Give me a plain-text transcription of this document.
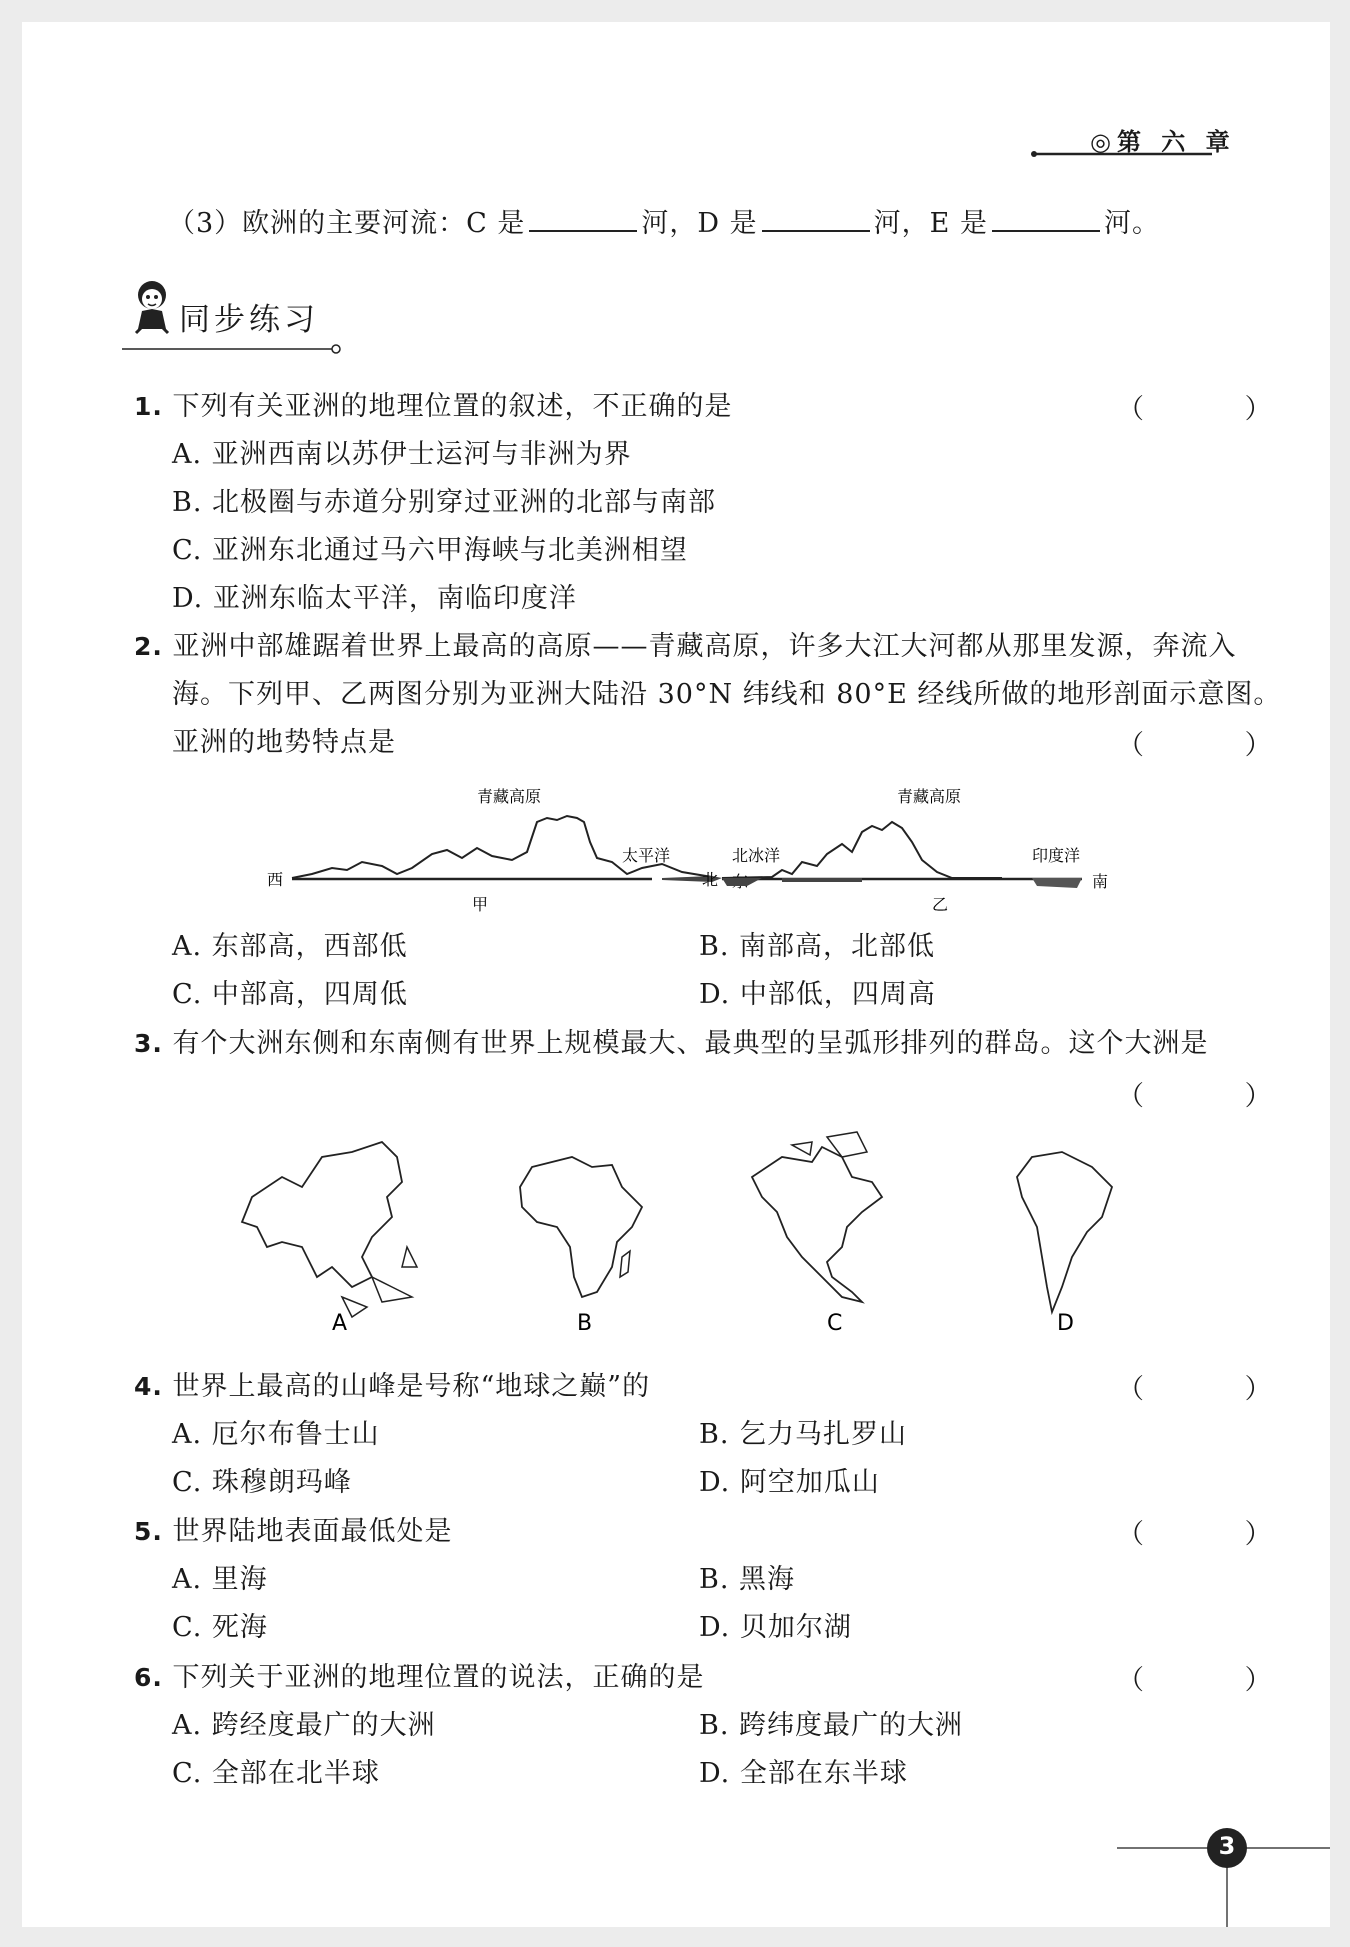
◎第 六 章
（3）欧洲的主要河流：C 是	河，D 是	河，E 是	河。
同步练习
1. 下列有关亚洲的地理位置的叙述，不正确的是	（ ）
A. 亚洲西南以苏伊士运河与非洲为界
B. 北极圈与赤道分别穿过亚洲的北部与南部
C. 亚洲东北通过马六甲海峡与北美洲相望
D. 亚洲东临太平洋，南临印度洋
2. 亚洲中部雄踞着世界上最高的高原——青藏高原，许多大江大河都从那里发源，奔流入
海。下列甲、乙两图分别为亚洲大陆沿 30°N 纬线和 80°E 经线所做的地形剖面示意图。
亚洲的地势特点是	（ ）
青藏高原
西
太平洋
甲
青藏高原
北	南
北冰洋	印度洋
乙
A. 东部高，西部低	B. 南部高，北部低
C. 中部高，四周低	D. 中部低，四周高
3. 有个大洲东侧和东南侧有世界上规模最大、最典型的呈弧形排列的群岛。这个大洲是
（ ）
A	B	C	D
4. 世界上最高的山峰是号称“地球之巅”的	（ ）
A. 厄尔布鲁士山	B. 乞力马扎罗山
C. 珠穆朗玛峰	D. 阿空加瓜山
5. 世界陆地表面最低处是	（ ）
A. 里海	B. 黑海
C. 死海	D. 贝加尔湖
6. 下列关于亚洲的地理位置的说法，正确的是	（ ）
A. 跨经度最广的大洲	B. 跨纬度最广的大洲
C. 全部在北半球	D. 全部在东半球
3
